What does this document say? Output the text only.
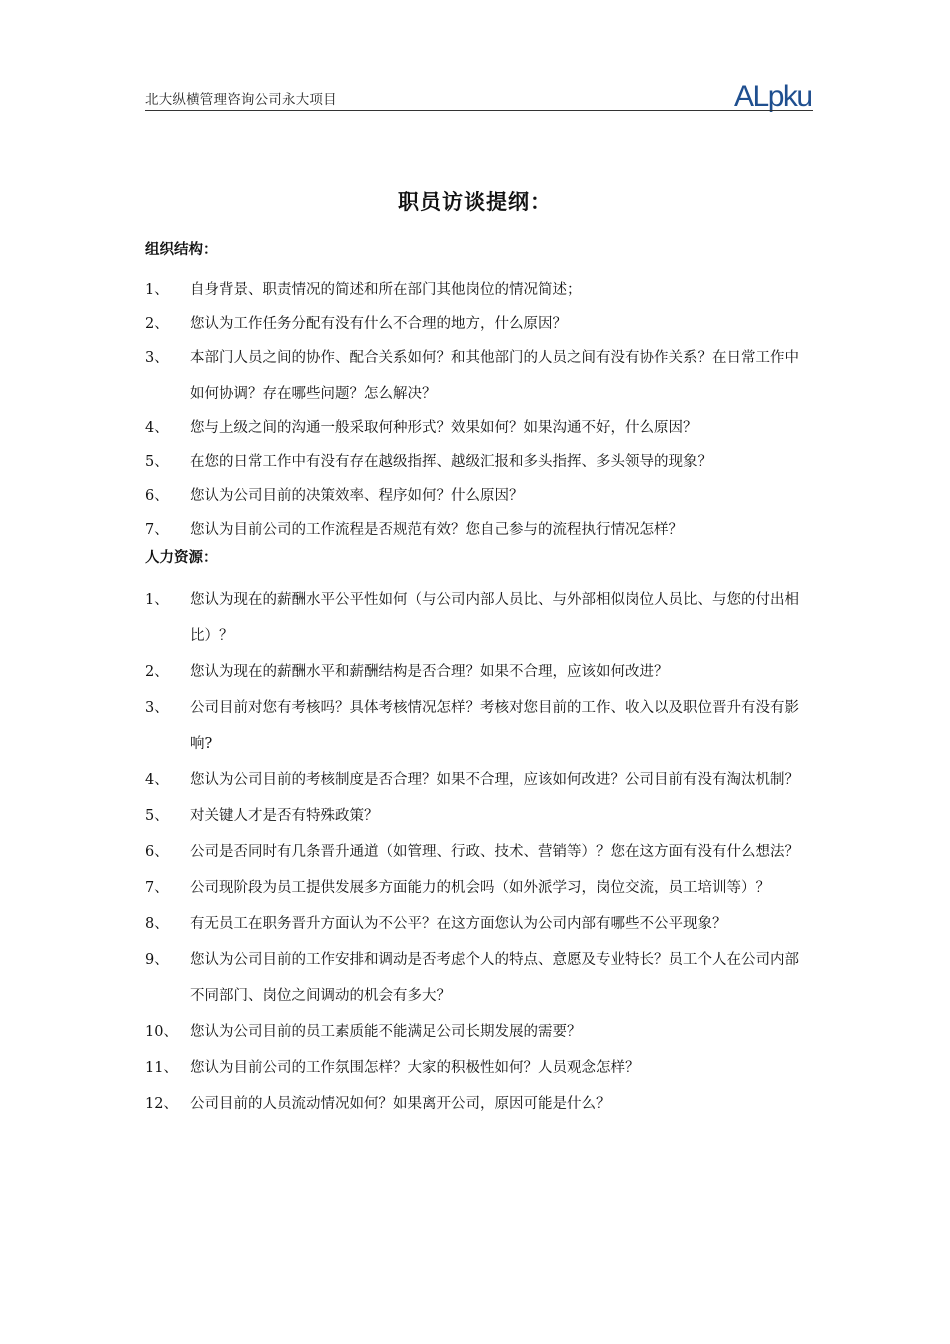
北大纵横管理咨询公司永大项目	ALpku
职员访谈提纲：
组织结构：
1、	自身背景、职责情况的简述和所在部门其他岗位的情况简述；
2、	您认为工作任务分配有没有什么不合理的地方，什么原因？
3、	本部门人员之间的协作、配合关系如何？和其他部门的人员之间有没有协作关系？在日常工作中如何协调？存在哪些问题？怎么解决？
4、	您与上级之间的沟通一般采取何种形式？效果如何？如果沟通不好，什么原因？
5、	在您的日常工作中有没有存在越级指挥、越级汇报和多头指挥、多头领导的现象？
6、	您认为公司目前的决策效率、程序如何？什么原因？
7、	您认为目前公司的工作流程是否规范有效？您自己参与的流程执行情况怎样？
人力资源：
1、	您认为现在的薪酬水平公平性如何（与公司内部人员比、与外部相似岗位人员比、与您的付出相比）？
2、	您认为现在的薪酬水平和薪酬结构是否合理？如果不合理，应该如何改进？
3、	公司目前对您有考核吗？具体考核情况怎样？考核对您目前的工作、收入以及职位晋升有没有影响?
4、	您认为公司目前的考核制度是否合理？如果不合理，应该如何改进？公司目前有没有淘汰机制？
5、	对关键人才是否有特殊政策？
6、	公司是否同时有几条晋升通道（如管理、行政、技术、营销等）？您在这方面有没有什么想法？
7、	公司现阶段为员工提供发展多方面能力的机会吗（如外派学习，岗位交流，员工培训等）？
8、	有无员工在职务晋升方面认为不公平？在这方面您认为公司内部有哪些不公平现象？
9、	您认为公司目前的工作安排和调动是否考虑个人的特点、意愿及专业特长？员工个人在公司内部不同部门、岗位之间调动的机会有多大？
10、 您认为公司目前的员工素质能不能满足公司长期发展的需要？
11、 您认为目前公司的工作氛围怎样？大家的积极性如何？人员观念怎样？
12、 公司目前的人员流动情况如何？如果离开公司，原因可能是什么？
